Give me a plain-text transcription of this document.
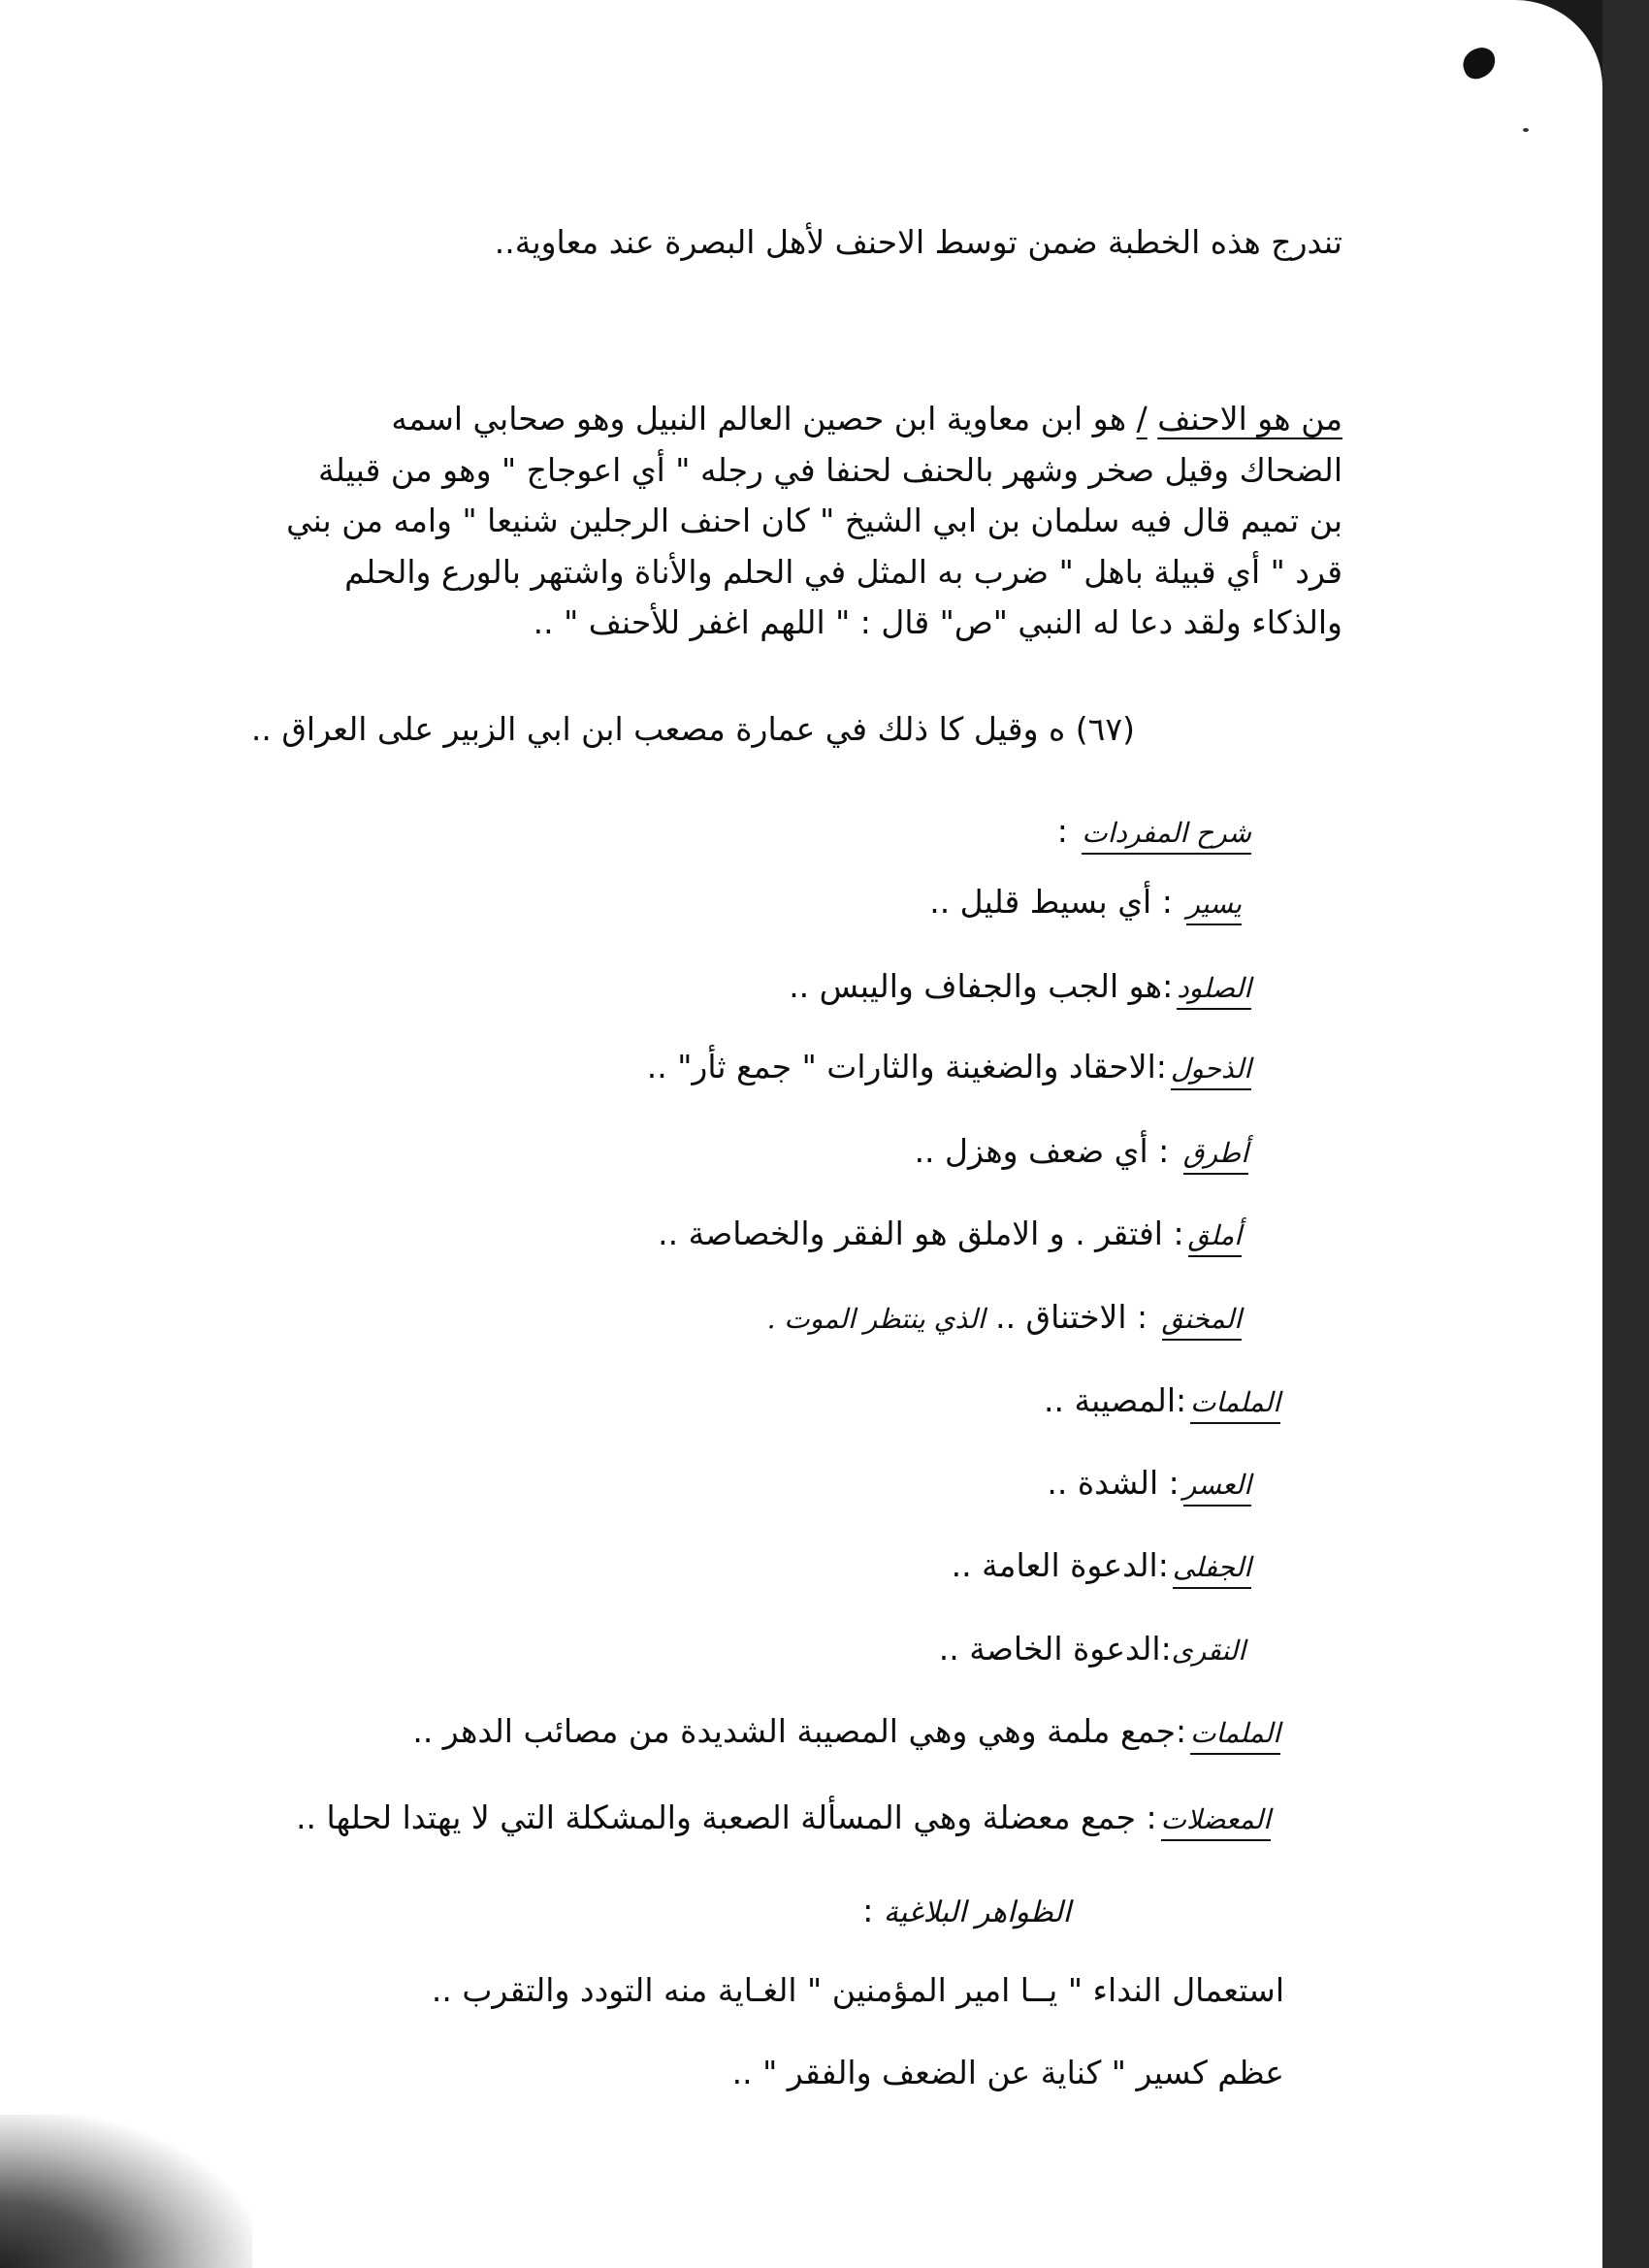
تندرج هذه الخطبة ضمن توسط الاحنف لأهل البصرة عند معاوية..
من هو الاحنف / هو ابن معاوية ابن حصين العالم النبيل وهو صحابي اسمه
الضحاك وقيل صخر وشهر بالحنف لحنفا في رجله " أي اعوجاج " وهو من قبيلة
بن تميم قال فيه سلمان بن ابي الشيخ " كان احنف الرجلين شنيعا " وامه من بني
قرد " أي قبيلة باهل " ضرب به المثل في الحلم والأناة واشتهر بالورع والحلم
والذكاء ولقد دعا له النبي "ص" قال : " اللهم اغفر للأحنف " ..
(٦٧) ه وقيل كا ذلك في عمارة مصعب ابن ابي الزبير على العراق ..
شرح المفردات :
يسير : أي بسيط قليل ..
الصلود:هو الجب والجفاف واليبس ..
الذحول:الاحقاد والضغينة والثارات " جمع ثأر" ..
أطرق : أي ضعف وهزل ..
أملق: افتقر . و الاملق هو الفقر والخصاصة ..
المخنق : الاختناق .. الذي ينتظر الموت .
الملمات:المصيبة ..
العسر: الشدة ..
الجفلى:الدعوة العامة ..
النقرى:الدعوة الخاصة ..
الملمات:جمع ملمة وهي وهي المصيبة الشديدة من مصائب الدهر ..
المعضلات: جمع معضلة وهي المسألة الصعبة والمشكلة التي لا يهتدا لحلها ..
الظواهر البلاغية :
استعمال النداء " يــا امير المؤمنين " الغـاية منه التودد والتقرب ..
عظم كسير " كناية عن الضعف والفقر " ..
